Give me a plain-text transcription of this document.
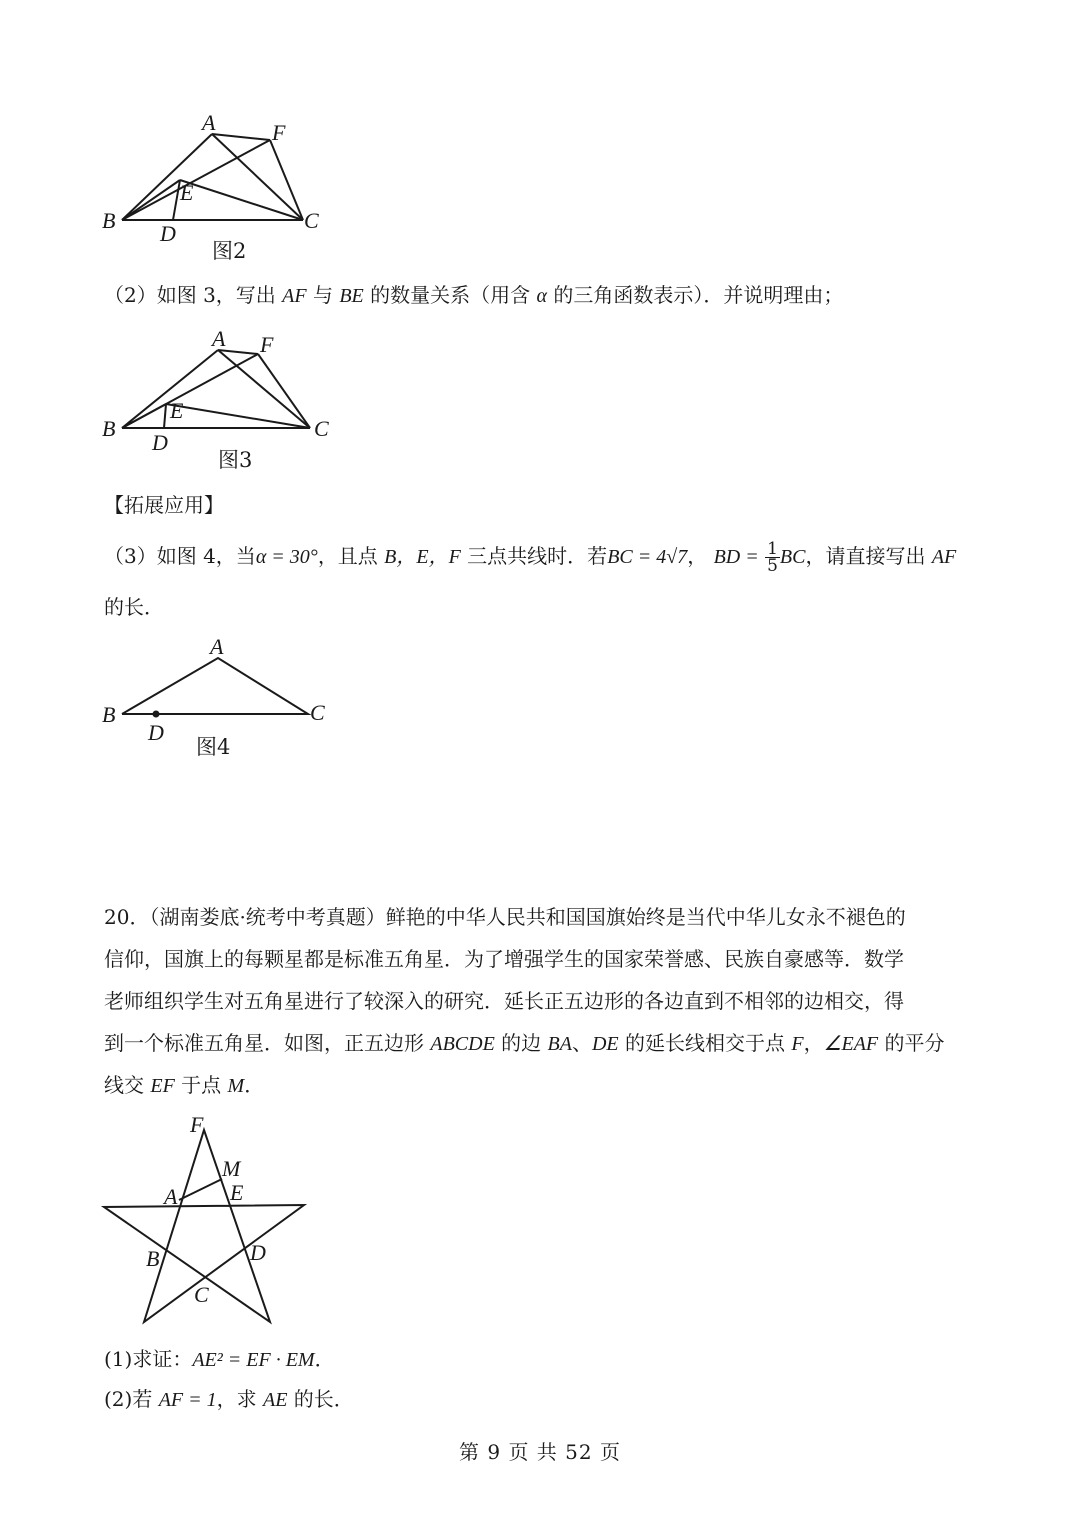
A	F
E
B
D
C
图2
（2）如图 3，写出 AF 与 BE 的数量关系（用含 α 的三角函数表示）．并说明理由；
A F
E
B
D
C
图3
【拓展应用】
（3）如图 4，当α = 30°，且点 B，E，F 三点共线时．若BC = 4√7， BD = $\frac{1}{5}$ BC，请直接写出 AF
的长．
A
B
D
C
图4
20．（湖南娄底·统考中考真题）鲜艳的中华人民共和国国旗始终是当代中华儿女永不褪色的
信仰，国旗上的每颗星都是标准五角星．为了增强学生的国家荣誉感、民族自豪感等．数学
老师组织学生对五角星进行了较深入的研究．延长正五边形的各边直到不相邻的边相交，得
到一个标准五角星．如图，正五边形 ABCDE 的边 BA、DE 的延长线相交于点 F，∠EAF 的平分
线交 EF 于点 M．
F
M
A E
B	D
C
(1)求证：AE² = EF · EM．
(2)若 AF = 1，求 AE 的长．
第 9 页 共 52 页
